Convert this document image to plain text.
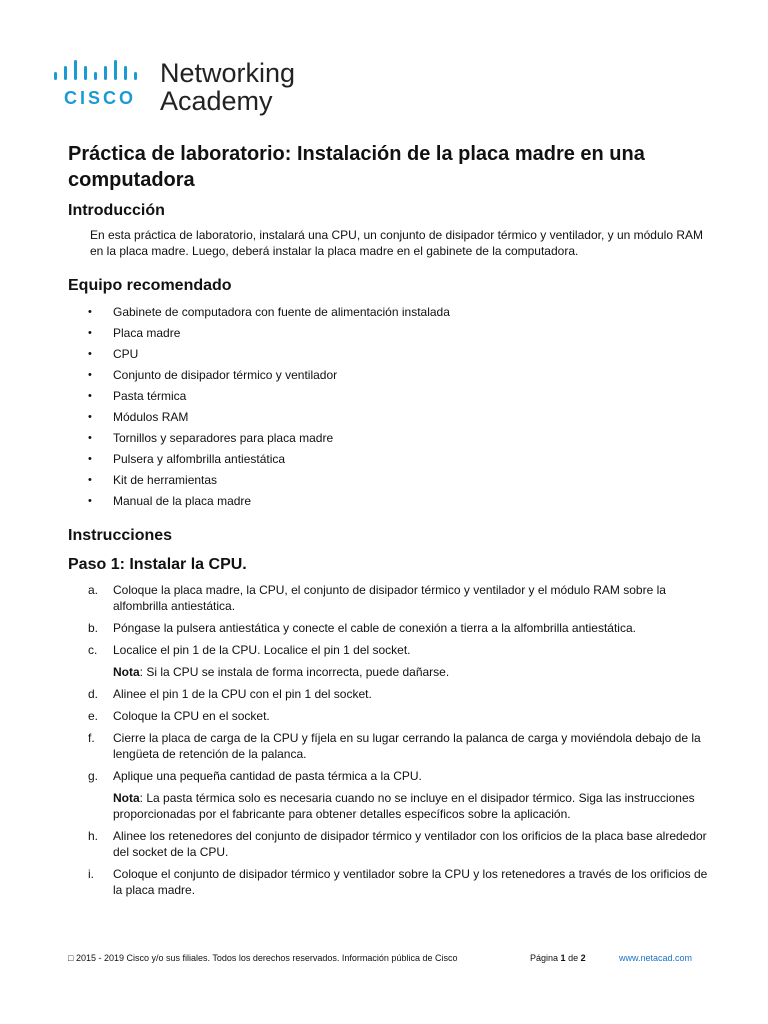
CISCO
Networking
Academy
Práctica de laboratorio: Instalación de la placa madre en una computadora
Introducción

En esta práctica de laboratorio, instalará una CPU, un conjunto de disipador térmico y ventilador, y un módulo RAM en la placa madre. Luego, deberá instalar la placa madre en el gabinete de la computadora.

Equipo recomendado
• Gabinete de computadora con fuente de alimentación instalada
• Placa madre
• CPU
• Conjunto de disipador térmico y ventilador
• Pasta térmica
• Módulos RAM
• Tornillos y separadores para placa madre
• Pulsera y alfombrilla antiestática
• Kit de herramientas
• Manual de la placa madre
Instrucciones
Paso 1: Instalar la CPU.
a. Coloque la placa madre, la CPU, el conjunto de disipador térmico y ventilador y el módulo RAM sobre la alfombrilla antiestática.
b. Póngase la pulsera antiestática y conecte el cable de conexión a tierra a la alfombrilla antiestática.
c. Localice el pin 1 de la CPU. Localice el pin 1 del socket.
Nota: Si la CPU se instala de forma incorrecta, puede dañarse.
d. Alinee el pin 1 de la CPU con el pin 1 del socket.
e. Coloque la CPU en el socket.
f. Cierre la placa de carga de la CPU y fíjela en su lugar cerrando la palanca de carga y moviéndola debajo de la lengüeta de retención de la palanca.
g. Aplique una pequeña cantidad de pasta térmica a la CPU.
Nota: La pasta térmica solo es necesaria cuando no se incluye en el disipador térmico. Siga las instrucciones proporcionadas por el fabricante para obtener detalles específicos sobre la aplicación.
h. Alinee los retenedores del conjunto de disipador térmico y ventilador con los orificios de la placa base alrededor del socket de la CPU.
i. Coloque el conjunto de disipador térmico y ventilador sobre la CPU y los retenedores a través de los orificios de la placa madre.
□ 2015 - 2019 Cisco y/o sus filiales. Todos los derechos reservados. Información pública de Cisco	Página 1 de 2	www.netacad.com
